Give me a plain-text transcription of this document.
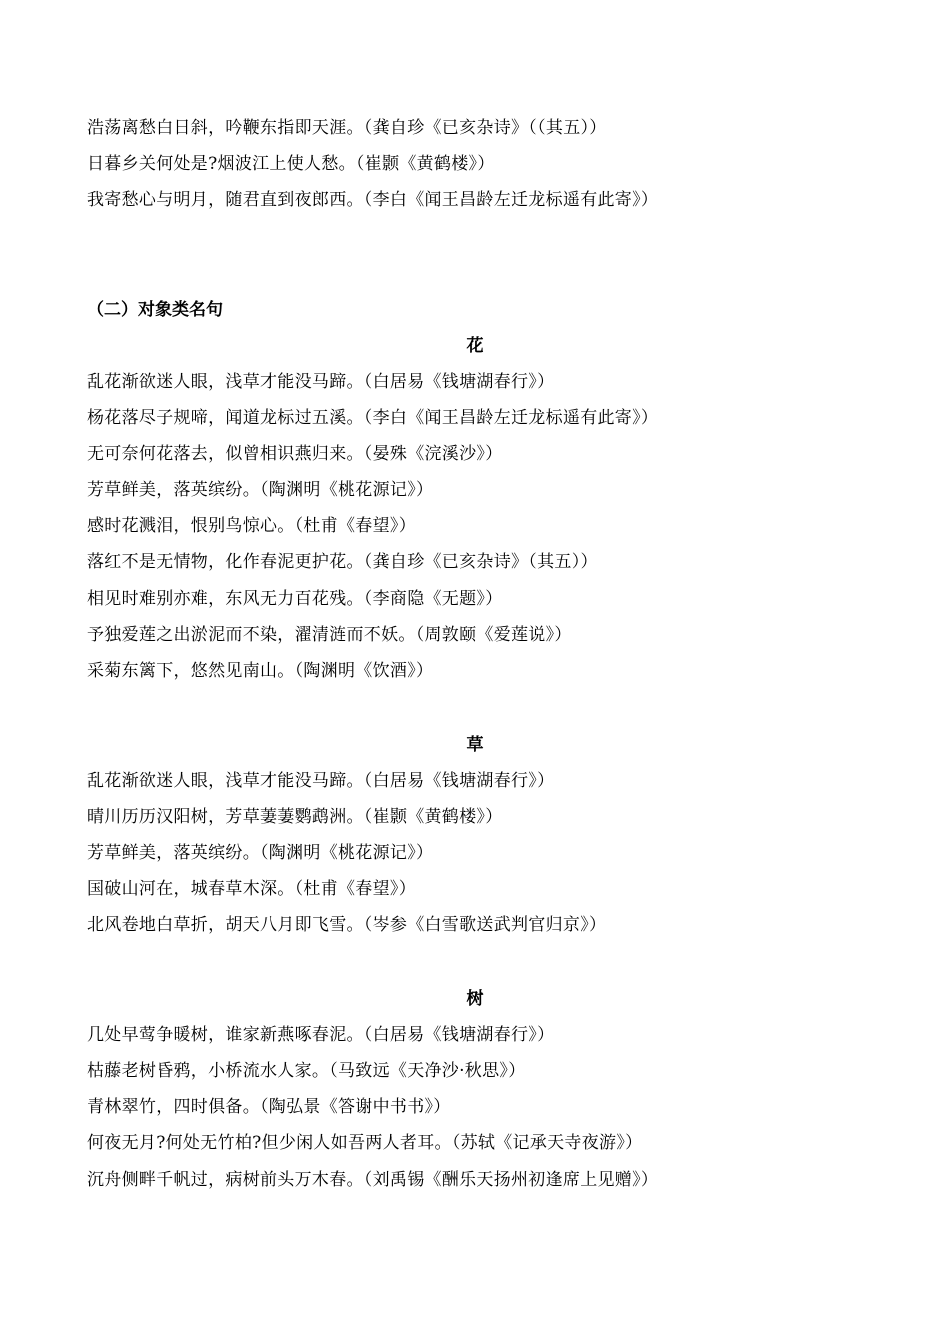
浩荡离愁白日斜，吟鞭东指即天涯。（龚自珍《已亥杂诗》（（其五））
日暮乡关何处是?烟波江上使人愁。（崔颢《黄鹤楼》）
我寄愁心与明月，随君直到夜郎西。（李白《闻王昌龄左迁龙标遥有此寄》）
（二）对象类名句
花
乱花渐欲迷人眼，浅草才能没马蹄。（白居易《钱塘湖春行》）
杨花落尽子规啼，闻道龙标过五溪。（李白《闻王昌龄左迁龙标遥有此寄》）
无可奈何花落去，似曾相识燕归来。（晏殊《浣溪沙》）
芳草鲜美，落英缤纷。（陶渊明《桃花源记》）
感时花溅泪，恨别鸟惊心。（杜甫《春望》）
落红不是无情物，化作春泥更护花。（龚自珍《已亥杂诗》（其五））
相见时难别亦难，东风无力百花残。（李商隐《无题》）
予独爱莲之出淤泥而不染，濯清涟而不妖。（周敦颐《爱莲说》）
采菊东篱下，悠然见南山。（陶渊明《饮酒》）
草
乱花渐欲迷人眼，浅草才能没马蹄。（白居易《钱塘湖春行》）
晴川历历汉阳树，芳草萋萋鹦鹉洲。（崔颢《黄鹤楼》）
芳草鲜美，落英缤纷。（陶渊明《桃花源记》）
国破山河在，城春草木深。（杜甫《春望》）
北风卷地白草折，胡天八月即飞雪。（岑参《白雪歌送武判官归京》）
树
几处早莺争暖树，谁家新燕啄春泥。（白居易《钱塘湖春行》）
枯藤老树昏鸦，小桥流水人家。（马致远《天净沙·秋思》）
青林翠竹，四时俱备。（陶弘景《答谢中书书》）
何夜无月?何处无竹柏?但少闲人如吾两人者耳。（苏轼《记承天寺夜游》）
沉舟侧畔千帆过，病树前头万木春。（刘禹锡《酬乐天扬州初逢席上见赠》）
